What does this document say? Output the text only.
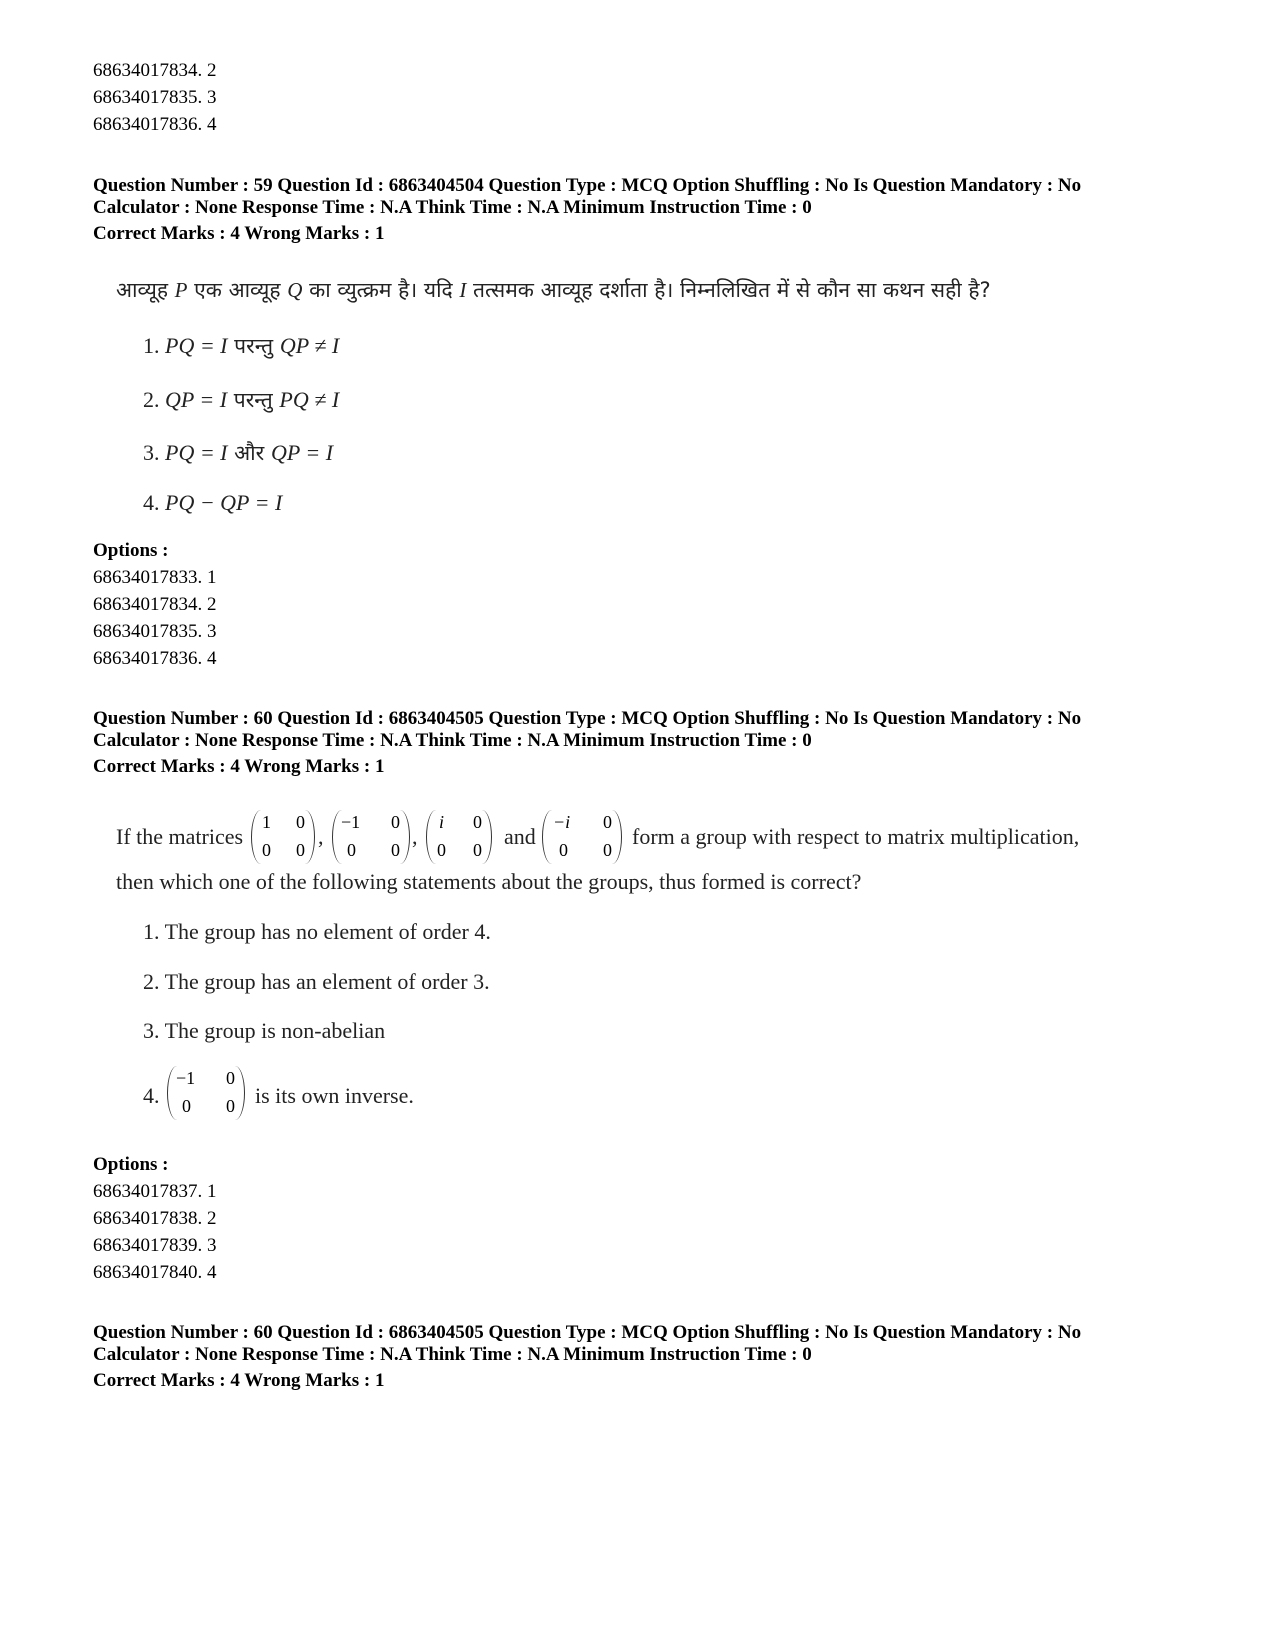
68634017834. 2
68634017835. 3
68634017836. 4
Question Number : 59 Question Id : 6863404504 Question Type : MCQ Option Shuffling : No Is Question Mandatory : No
Calculator : None Response Time : N.A Think Time : N.A Minimum Instruction Time : 0
Correct Marks : 4 Wrong Marks : 1
आव्यूह P एक आव्यूह Q का व्युत्क्रम है। यदि I तत्समक आव्यूह दर्शाता है। निम्नलिखित में से कौन सा कथन सही है?
1. PQ = I परन्तु QP ≠ I
2. QP = I परन्तु PQ ≠ I
3. PQ = I और QP = I
4. PQ − QP = I
Options :
68634017833. 1
68634017834. 2
68634017835. 3
68634017836. 4
Question Number : 60 Question Id : 6863404505 Question Type : MCQ Option Shuffling : No Is Question Mandatory : No
Calculator : None Response Time : N.A Think Time : N.A Minimum Instruction Time : 0
Correct Marks : 4 Wrong Marks : 1
If the matrices
1 0
0 0
,
−1 0
0 0
,
i 0
0 0
and
−i 0
0 0
form a group with respect to matrix multiplication,
then which one of the following statements about the groups, thus formed is correct?
1. The group has no element of order 4.
2. The group has an element of order 3.
3. The group is non-abelian
4.
−1 0
0 0 is its own inverse.
Options :
68634017837. 1
68634017838. 2
68634017839. 3
68634017840. 4
Question Number : 60 Question Id : 6863404505 Question Type : MCQ Option Shuffling : No Is Question Mandatory : No
Calculator : None Response Time : N.A Think Time : N.A Minimum Instruction Time : 0
Correct Marks : 4 Wrong Marks : 1
